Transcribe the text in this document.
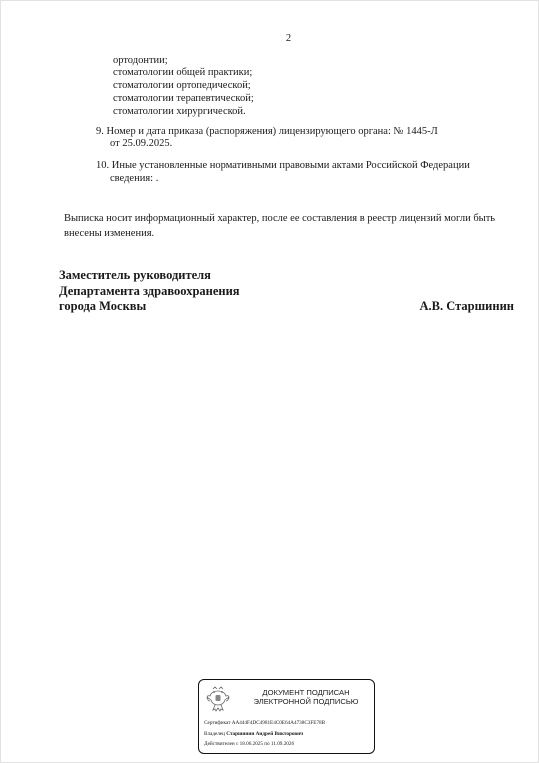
2
ортодонтии;
стоматологии общей практики;
стоматологии ортопедической;
стоматологии терапевтической;
стоматологии хирургической.
9. Номер и дата приказа (распоряжения) лицензирующего органа: № 1445-Л
от 25.09.2025.
10. Иные установленные нормативными правовыми актами Российской Федерации
сведения: .
Выписка носит информационный характер, после ее составления в реестр лицензий могли быть
внесены изменения.
Заместитель руководителя
Департамента здравоохранения
города Москвы	А.В. Старшинин
ДОКУМЕНТ ПОДПИСАН
ЭЛЕКТРОННОЙ ПОДПИСЬЮ
Сертификат AA444F4DC4981E4C0E64A4738C3FE78B
Владелец Старшинин Андрей Викторович
Действителен с 18.06.2025 по 11.09.2026
